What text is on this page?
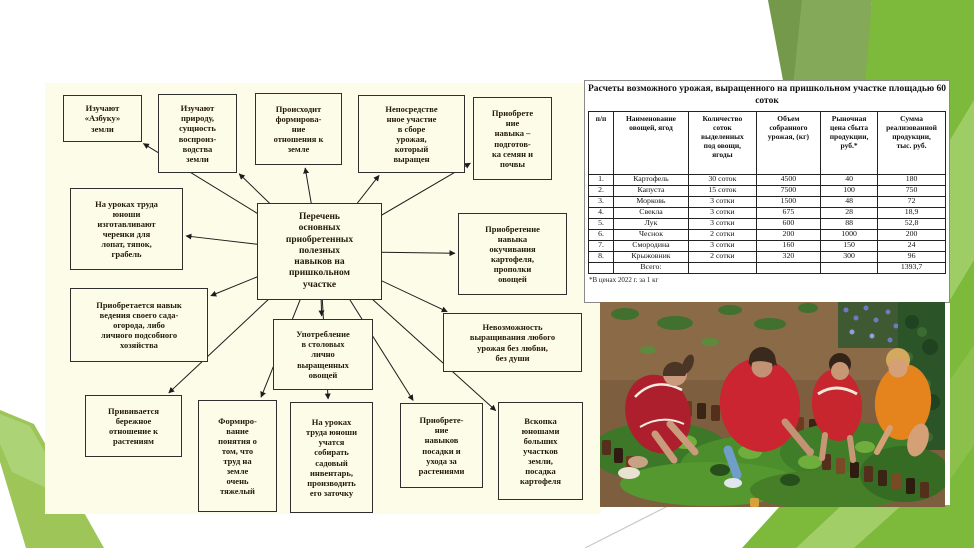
Перечень
основных
приобретенных
полезных
навыков на
пришкольном
участке
Изучают
«Азбуку»
земли
Изучают
природу,
сущность
воспроиз-
водства
земли
Происходит
формирова-
ние
отношения к
земле
Непосредстве
нное участие
в сборе
урожая,
который
выращен
Приобрете
ние
навыка –
подготов-
ка семян и
почвы
На уроках труда
юноши
изготавливают
черенки для
лопат, тяпок,
грабель
Приобретается навык
ведения своего сада-
огорода, либо
личного подсобного
хозяйства
Приобретение
навыка
окучивания
картофеля,
прополки
овощей
Невозможность
выращивания любого
урожая без любви,
без души
Употребление
в столовых
лично
выращенных
овощей
Прививается
бережное
отношение к
растениям
Формиро-
вание
понятия о
том, что
труд на
земле
очень
тяжелый
На уроках
труда юноши
учатся
собирать
садовый
инвентарь,
производить
его заточку
Приобрете-
ние
навыков
посадки и
ухода за
растениями
Вскопка
юношами
больших
участков
земли,
посадка
картофеля
Расчеты возможного урожая, выращенного на пришкольном участке площадью 60 соток
п/п	Наименование
овощей, ягод	Количество
соток
выделенных
под овощи,
ягоды	Объем
собранного
урожая, (кг)	Рыночная
цена сбыта
продукции,
руб.*	Сумма
реализованной
продукции,
тыс. руб.
1.	Картофель	30 соток	4500	40	180
2.	Капуста	15 соток	7500	100	750
3.	Морковь	3 сотки	1500	48	72
4.	Свекла	3 сотки	675	28	18,9
5.	Лук	3 сотки	600	88	52,8
6.	Чеснок	2 сотки	200	1000	200
7.	Смородина	3 сотки	160	150	24
8.	Крыжовник	2 сотки	320	300	96
	Всего:				1393,7
*В ценах 2022 г. за 1 кг
